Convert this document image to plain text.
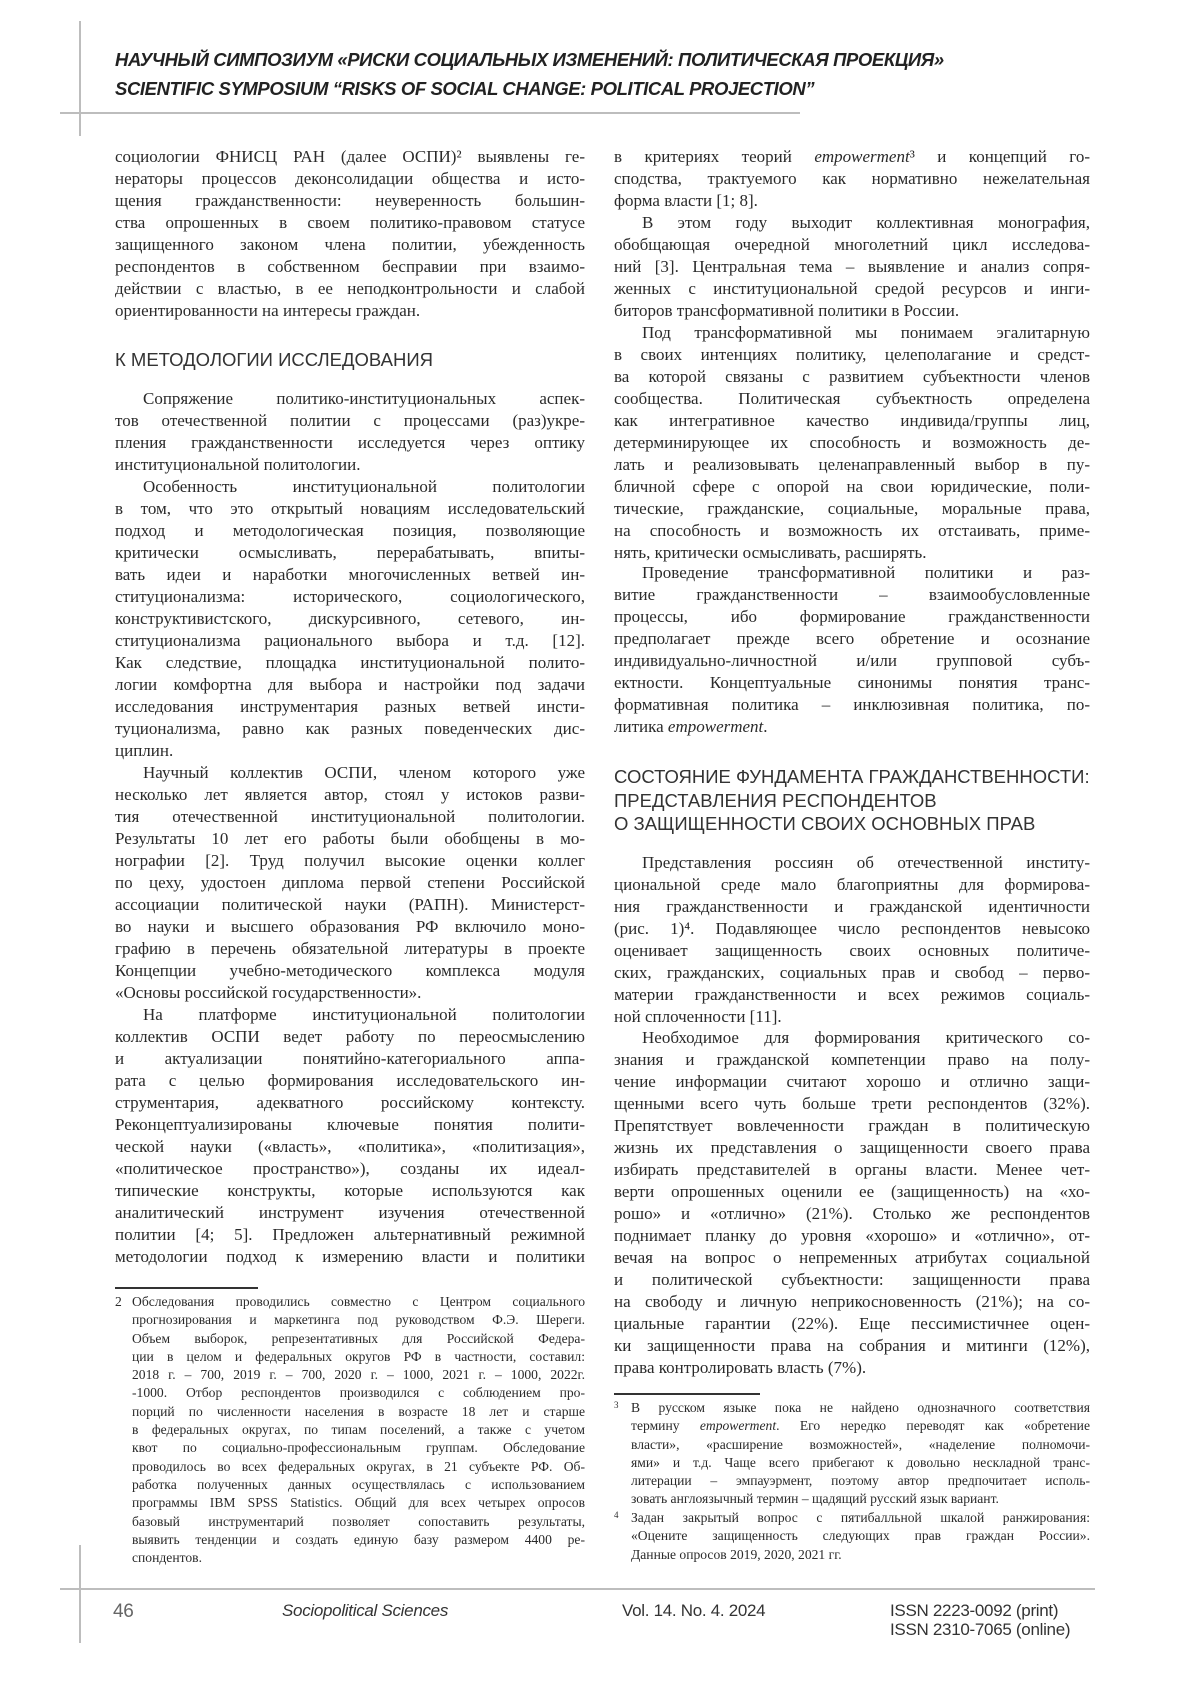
НАУЧНЫЙ СИМПОЗИУМ «РИСКИ СОЦИАЛЬНЫХ ИЗМЕНЕНИЙ: ПОЛИТИЧЕСКАЯ ПРОЕКЦИЯ»
SCIENTIFIC SYMPOSIUM “RISKS OF SOCIAL CHANGE: POLITICAL PROJECTION”
социологии ФНИСЦ РАН (далее ОСПИ)² выявлены ге-
нераторы процессов деконсолидации общества и исто-
щения гражданственности: неуверенность большин-
ства опрошенных в своем политико-правовом статусе
защищенного законом члена политии, убежденность
респондентов в собственном бесправии при взаимо-
действии с властью, в ее неподконтрольности и слабой
ориентированности на интересы граждан.
К МЕТОДОЛОГИИ ИССЛЕДОВАНИЯ
Сопряжение политико-институциональных аспек-
тов отечественной политии с процессами (раз)укре-
пления гражданственности исследуется через оптику
институциональной политологии.
Особенность институциональной политологии
в том, что это открытый новациям исследовательский
подход и методологическая позиция, позволяющие
критически осмысливать, перерабатывать, впиты-
вать идеи и наработки многочисленных ветвей ин-
ституционализма: исторического, социологического,
конструктивистского, дискурсивного, сетевого, ин-
ституционализма рационального выбора и т.д. [12].
Как следствие, площадка институциональной полито-
логии комфортна для выбора и настройки под задачи
исследования инструментария разных ветвей инсти-
туционализма, равно как разных поведенческих дис-
циплин.
Научный коллектив ОСПИ, членом которого уже
несколько лет является автор, стоял у истоков разви-
тия отечественной институциональной политологии.
Результаты 10 лет его работы были обобщены в мо-
нографии [2]. Труд получил высокие оценки коллег
по цеху, удостоен диплома первой степени Российской
ассоциации политической науки (РАПН). Министерст-
во науки и высшего образования РФ включило моно-
графию в перечень обязательной литературы в проекте
Концепции учебно-методического комплекса модуля
«Основы российской государственности».
На платформе институциональной политологии
коллектив ОСПИ ведет работу по переосмыслению
и актуализации понятийно-категориального аппа-
рата с целью формирования исследовательского ин-
струментария, адекватного российскому контексту.
Реконцептуализированы ключевые понятия полити-
ческой науки («власть», «политика», «политизация»,
«политическое пространство»), созданы их идеал-
типические конструкты, которые используются как
аналитический инструмент изучения отечественной
политии [4; 5]. Предложен альтернативный режимной
методологии подход к измерению власти и политики
2 Обследования проводились совместно с Центром социального
прогнозирования и маркетинга под руководством Ф.Э. Шереги.
Объем выборок, репрезентативных для Российской Федера-
ции в целом и федеральных округов РФ в частности, составил:
2018 г. – 700, 2019 г. – 700, 2020 г. – 1000, 2021 г. – 1000, 2022г.
-1000. Отбор респондентов производился с соблюдением про-
порций по численности населения в возрасте 18 лет и старше
в федеральных округах, по типам поселений, а также с учетом
квот по социально-профессиональным группам. Обследование
проводилось во всех федеральных округах, в 21 субъекте РФ. Об-
работка полученных данных осуществлялась с использованием
программы IBM SPSS Statistics. Общий для всех четырех опросов
базовый инструментарий позволяет сопоставить результаты,
выявить тенденции и создать единую базу размером 4400 ре-
спондентов.
в критериях теорий empowerment³ и концепций го-
сподства, трактуемого как нормативно нежелательная
форма власти [1; 8].
В этом году выходит коллективная монография,
обобщающая очередной многолетний цикл исследова-
ний [3]. Центральная тема – выявление и анализ сопря-
женных с институциональной средой ресурсов и инги-
биторов трансформативной политики в России.
Под трансформативной мы понимаем эгалитарную
в своих интенциях политику, целеполагание и средст-
ва которой связаны с развитием субъектности членов
сообщества. Политическая субъектность определена
как интегративное качество индивида/группы лиц,
детерминирующее их способность и возможность де-
лать и реализовывать целенаправленный выбор в пу-
бличной сфере с опорой на свои юридические, поли-
тические, гражданские, социальные, моральные права,
на способность и возможность их отстаивать, приме-
нять, критически осмысливать, расширять.
Проведение трансформативной политики и раз-
витие гражданственности – взаимообусловленные
процессы, ибо формирование гражданственности
предполагает прежде всего обретение и осознание
индивидуально-личностной и/или групповой субъ-
ектности. Концептуальные синонимы понятия транс-
формативная политика – инклюзивная политика, по-
литика empowerment.
СОСТОЯНИЕ ФУНДАМЕНТА ГРАЖДАНСТВЕННОСТИ:
ПРЕДСТАВЛЕНИЯ РЕСПОНДЕНТОВ
О ЗАЩИЩЕННОСТИ СВОИХ ОСНОВНЫХ ПРАВ
Представления россиян об отечественной институ-
циональной среде мало благоприятны для формирова-
ния гражданственности и гражданской идентичности
(рис. 1)⁴. Подавляющее число респондентов невысоко
оценивает защищенность своих основных политиче-
ских, гражданских, социальных прав и свобод – перво-
материи гражданственности и всех режимов социаль-
ной сплоченности [11].
Необходимое для формирования критического со-
знания и гражданской компетенции право на полу-
чение информации считают хорошо и отлично защи-
щенными всего чуть больше трети респондентов (32%).
Препятствует вовлеченности граждан в политическую
жизнь их представления о защищенности своего права
избирать представителей в органы власти. Менее чет-
верти опрошенных оценили ее (защищенность) на «хо-
рошо» и «отлично» (21%). Столько же респондентов
поднимает планку до уровня «хорошо» и «отлично», от-
вечая на вопрос о непременных атрибутах социальной
и политической субъектности: защищенности права
на свободу и личную неприкосновенность (21%); на со-
циальные гарантии (22%). Еще пессимистичнее оцен-
ки защищенности права на собрания и митинги (12%),
права контролировать власть (7%).
3 В русском языке пока не найдено однозначного соответствия
термину empowerment. Его нередко переводят как «обретение
власти», «расширение возможностей», «наделение полномочи-
ями» и т.д. Чаще всего прибегают к довольно нескладной транс-
литерации – эмпауэрмент, поэтому автор предпочитает исполь-
зовать англоязычный термин – щадящий русский язык вариант.
4 Задан закрытый вопрос с пятибалльной шкалой ранжирования:
«Оцените защищенность следующих прав граждан России».
Данные опросов 2019, 2020, 2021 гг.
46	Sociopolitical Sciences	Vol. 14. No. 4. 2024	ISSN 2223-0092 (print)
ISSN 2310-7065 (online)
